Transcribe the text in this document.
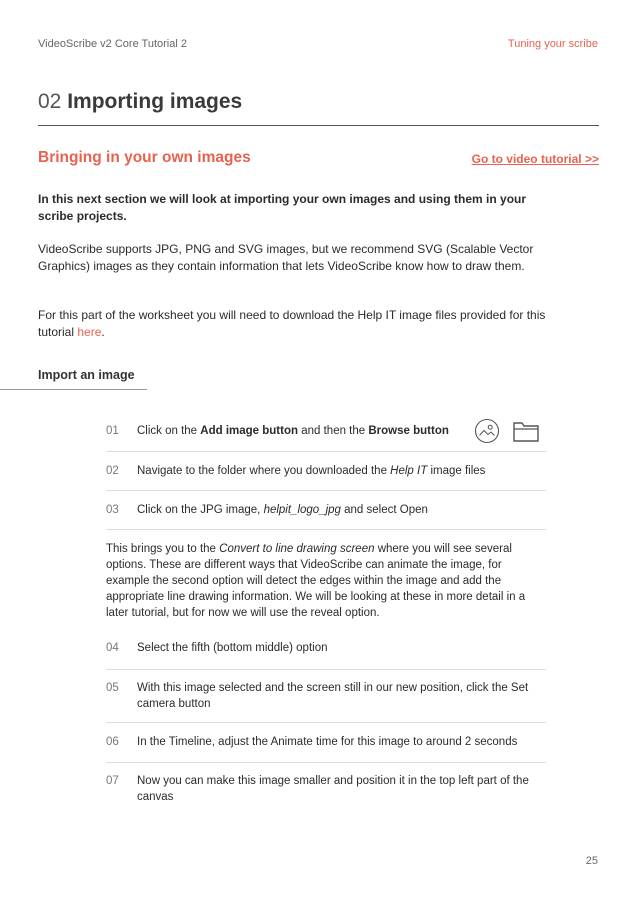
VideoScribe v2 Core Tutorial 2	Tuning your scribe
02 Importing images
Bringing in your own images	Go to video tutorial >>
In this next section we will look at importing your own images and using them in your scribe projects.
VideoScribe supports JPG, PNG and SVG images, but we recommend SVG (Scalable Vector Graphics) images as they contain information that lets VideoScribe know how to draw them.
For this part of the worksheet you will need to download the Help IT image files provided for this tutorial here.
Import an image
01	Click on the Add image button and then the Browse button
02	Navigate to the folder where you downloaded the Help IT image files
03	Click on the JPG image, helpit_logo_jpg and select Open
This brings you to the Convert to line drawing screen where you will see several options. These are different ways that VideoScribe can animate the image, for example the second option will detect the edges within the image and add the appropriate line drawing information. We will be looking at these in more detail in a later tutorial, but for now we will use the reveal option.
04	Select the fifth (bottom middle) option
05	With this image selected and the screen still in our new position, click the Set camera button
06	In the Timeline, adjust the Animate time for this image to around 2 seconds
07	Now you can make this image smaller and position it in the top left part of the canvas
25
